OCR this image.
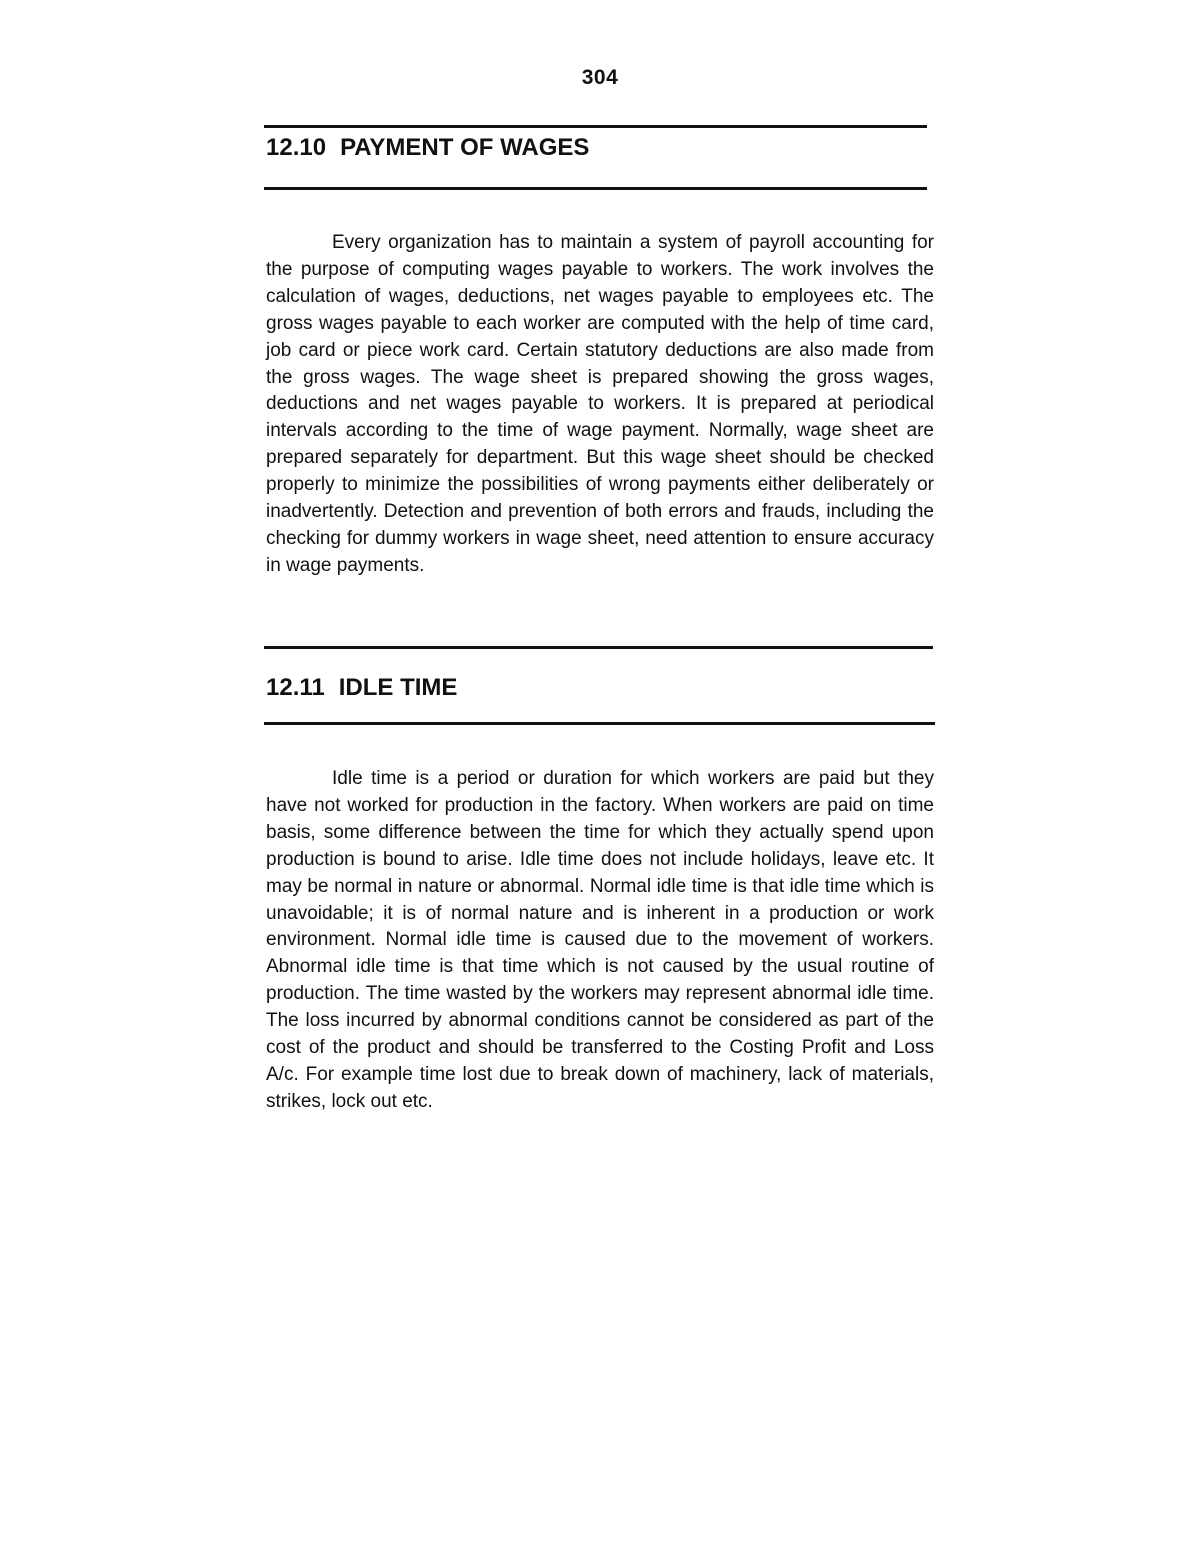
304
12.10 PAYMENT OF WAGES

Every organization has to maintain a system of payroll accounting for the purpose of computing wages payable to workers. The work involves the calculation of wages, deductions, net wages payable to employees etc. The gross wages payable to each worker are computed with the help of time card, job card or piece work card. Certain statutory deductions are also made from the gross wages. The wage sheet is prepared showing the gross wages, deductions and net wages payable to workers. It is prepared at periodical intervals according to the time of wage payment. Normally, wage sheet are prepared separately for department. But this wage sheet should be checked properly to minimize the possibilities of wrong payments either deliberately or inadvertently. Detection and prevention of both errors and frauds, including the checking for dummy workers in wage sheet, need attention to ensure accuracy in wage payments.

12.11 IDLE TIME

Idle time is a period or duration for which workers are paid but they have not worked for production in the factory. When workers are paid on time basis, some difference between the time for which they actually spend upon production is bound to arise. Idle time does not include holidays, leave etc. It may be normal in nature or abnormal. Normal idle time is that idle time which is unavoidable; it is of normal nature and is inherent in a production or work environment. Normal idle time is caused due to the movement of workers. Abnormal idle time is that time which is not caused by the usual routine of production. The time wasted by the workers may represent abnormal idle time. The loss incurred by abnormal conditions cannot be considered as part of the cost of the product and should be transferred to the Costing Profit and Loss A/c. For example time lost due to break down of machinery, lack of materials, strikes, lock out etc.
